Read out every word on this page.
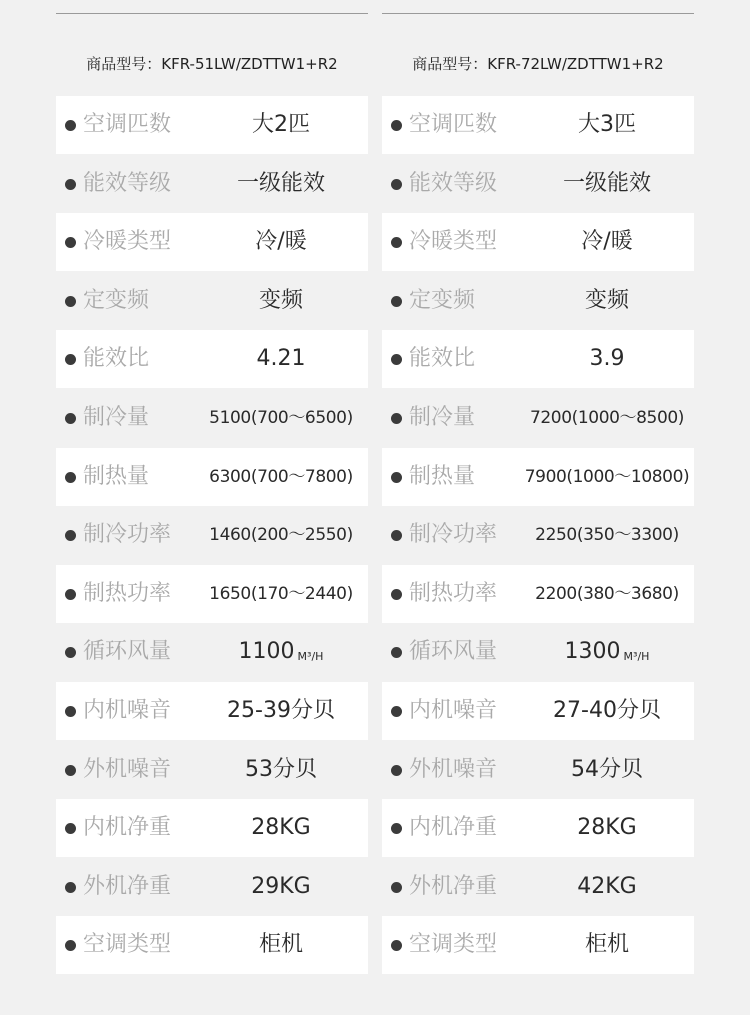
商品型号：KFR-51LW/ZDTTW1+R2
空调匹数	大2匹
能效等级	一级能效
冷暖类型	冷/暖
定变频	变频
能效比	4.21
制冷量	5100(700～6500)
制热量	6300(700～7800)
制冷功率	1460(200～2550)
制热功率	1650(170～2440)
循环风量	1100 M³/H
内机噪音	25-39分贝
外机噪音	53分贝
内机净重	28KG
外机净重	29KG
空调类型	柜机
商品型号：KFR-72LW/ZDTTW1+R2
空调匹数	大3匹
能效等级	一级能效
冷暖类型	冷/暖
定变频	变频
能效比	3.9
制冷量	7200(1000～8500)
制热量	7900(1000～10800)
制冷功率	2250(350～3300)
制热功率	2200(380～3680)
循环风量	1300 M³/H
内机噪音	27-40分贝
外机噪音	54分贝
内机净重	28KG
外机净重	42KG
空调类型	柜机
